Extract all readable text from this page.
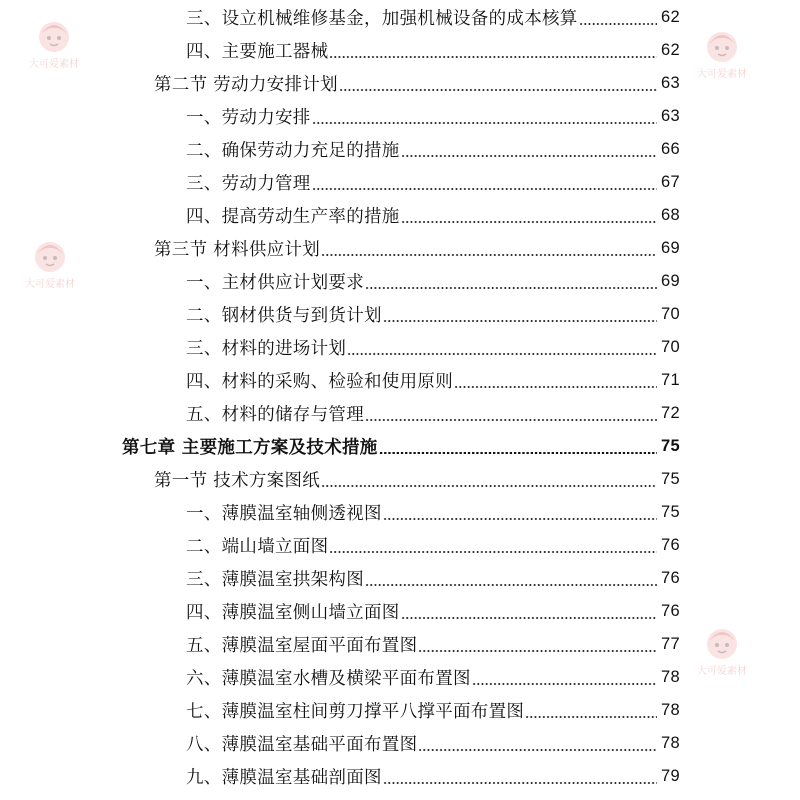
大可爱素材
大可爱素材
大可爱素材
大可爱素材
三、 设立机械维修基金，加强机械设备的成本核算	62
四、 主要施工器械	62
第二节 劳动力安排计划	63
一、 劳动力安排	63
二、 确保劳动力充足的措施	66
三、 劳动力管理	67
四、 提高劳动生产率的措施	68
第三节 材料供应计划	69
一、 主材供应计划要求	69
二、 钢材供货与到货计划	70
三、 材料的进场计划	70
四、 材料的采购、检验和使用原则	71
五、 材料的储存与管理	72
第七章 主要施工方案及技术措施	75
第一节 技术方案图纸	75
一、 薄膜温室轴侧透视图	75
二、 端山墙立面图	76
三、 薄膜温室拱架构图	76
四、 薄膜温室侧山墙立面图	76
五、 薄膜温室屋面平面布置图	77
六、 薄膜温室水槽及横梁平面布置图	78
七、 薄膜温室柱间剪刀撑平八撑平面布置图	78
八、 薄膜温室基础平面布置图	78
九、 薄膜温室基础剖面图	79
